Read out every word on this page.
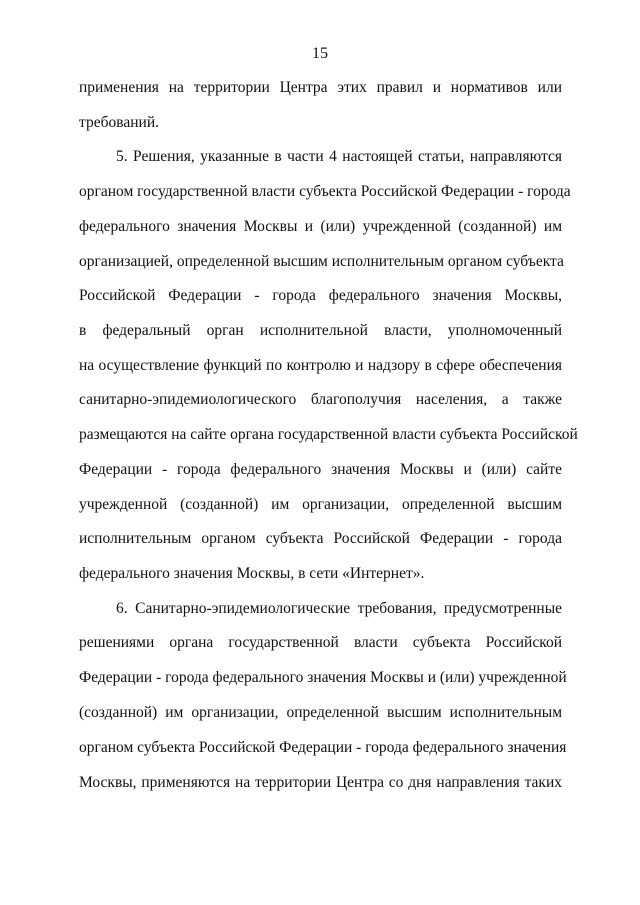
15
применения на территории Центра этих правил и нормативов или
требований.
5. Решения, указанные в части 4 настоящей статьи, направляются
органом государственной власти субъекта Российской Федерации - города
федерального значения Москвы и (или) учрежденной (созданной) им
организацией, определенной высшим исполнительным органом субъекта
Российской Федерации - города федерального значения Москвы,
в федеральный орган исполнительной власти, уполномоченный
на осуществление функций по контролю и надзору в сфере обеспечения
санитарно-эпидемиологического благополучия населения, а также
размещаются на сайте органа государственной власти субъекта Российской
Федерации - города федерального значения Москвы и (или) сайте
учрежденной (созданной) им организации, определенной высшим
исполнительным органом субъекта Российской Федерации - города
федерального значения Москвы, в сети «Интернет».
6. Санитарно-эпидемиологические требования, предусмотренные
решениями органа государственной власти субъекта Российской
Федерации - города федерального значения Москвы и (или) учрежденной
(созданной) им организации, определенной высшим исполнительным
органом субъекта Российской Федерации - города федерального значения
Москвы, применяются на территории Центра со дня направления таких
